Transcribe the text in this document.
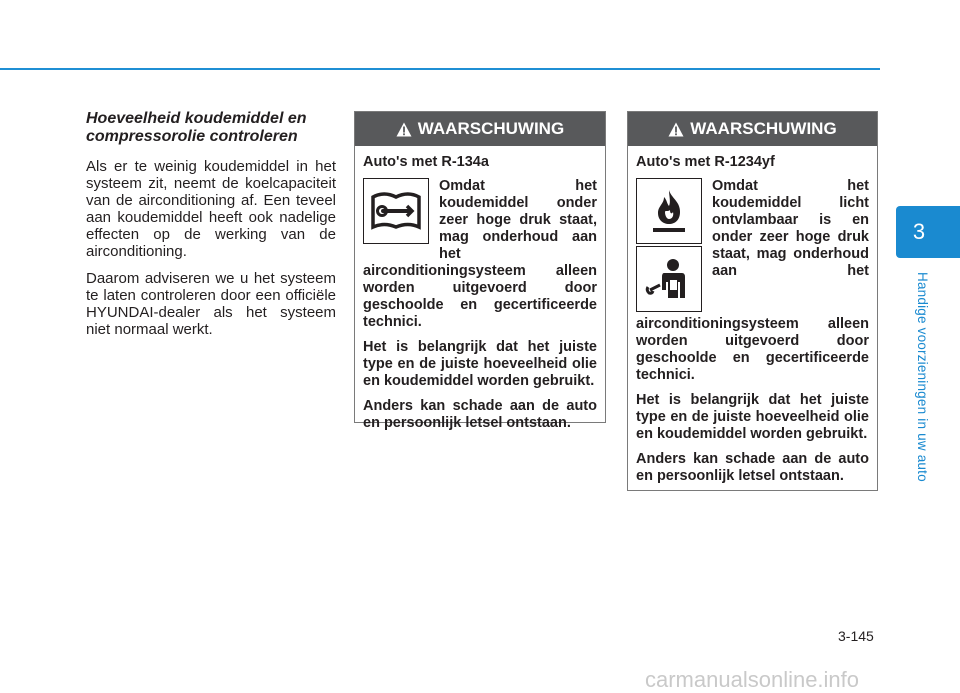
3
Handige voorzieningen in uw auto
Hoeveelheid koudemiddel en compressorolie controleren

Als er te weinig koudemiddel in het systeem zit, neemt de koelcapaciteit van de airconditioning af. Een teveel aan koudemiddel heeft ook nadelige effecten op de werking van de airconditioning.

Daarom adviseren we u het systeem te laten controleren door een officiële HYUNDAI-dealer als het systeem niet normaal werkt.

WAARSCHUWING

Auto's met R-134a

Omdat het koudemiddel onder zeer hoge druk staat, mag onderhoud aan het airconditioningsysteem alleen worden uitgevoerd door geschoolde en gecertificeerde technici.

Het is belangrijk dat het juiste type en de juiste hoeveelheid olie en koudemiddel worden gebruikt.

Anders kan schade aan de auto en persoonlijk letsel ontstaan.

WAARSCHUWING

Auto's met R-1234yf

Omdat het koudemiddel licht ontvlambaar is en onder zeer hoge druk staat, mag onderhoud aan het airconditioningsysteem alleen worden uitgevoerd door geschoolde en gecertificeerde technici.

Het is belangrijk dat het juiste type en de juiste hoeveelheid olie en koudemiddel worden gebruikt.

Anders kan schade aan de auto en persoonlijk letsel ontstaan.

3-145
carmanualsonline.info
